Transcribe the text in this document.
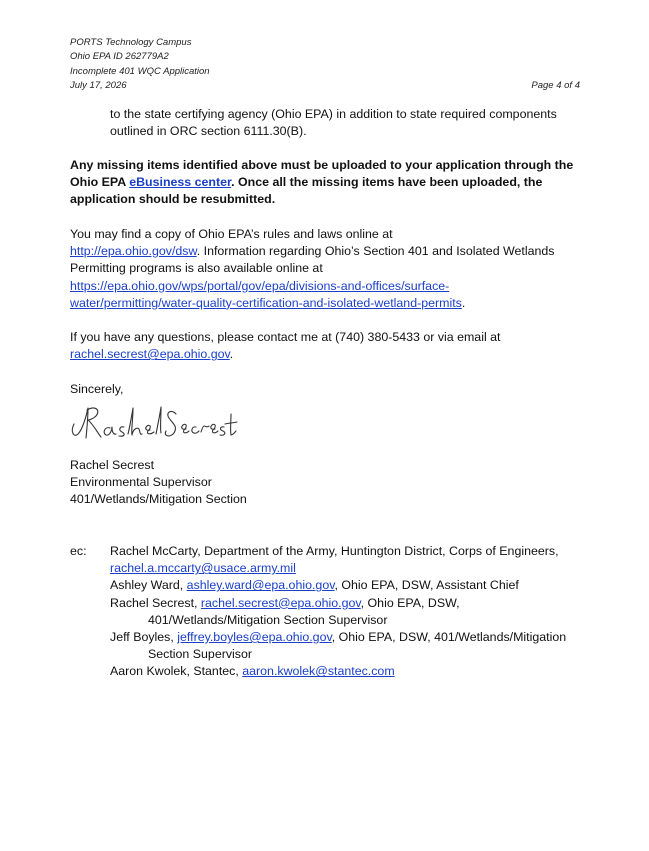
PORTS Technology Campus
Ohio EPA ID 262779A2
Incomplete 401 WQC Application
July 17, 2026	Page 4 of 4
to the state certifying agency (Ohio EPA) in addition to state required components
outlined in ORC section 6111.30(B).
Any missing items identified above must be uploaded to your application through the
Ohio EPA eBusiness center. Once all the missing items have been uploaded, the
application should be resubmitted.
You may find a copy of Ohio EPA’s rules and laws online at
http://epa.ohio.gov/dsw. Information regarding Ohio’s Section 401 and Isolated Wetlands
Permitting programs is also available online at
https://epa.ohio.gov/wps/portal/gov/epa/divisions-and-offices/surface-
water/permitting/water-quality-certification-and-isolated-wetland-permits.
If you have any questions, please contact me at (740) 380-5433 or via email at
rachel.secrest@epa.ohio.gov.
Sincerely,
Rachel Secrest
Environmental Supervisor
401/Wetlands/Mitigation Section
ec: Rachel McCarty, Department of the Army, Huntington District, Corps of Engineers,
rachel.a.mccarty@usace.army.mil
Ashley Ward, ashley.ward@epa.ohio.gov, Ohio EPA, DSW, Assistant Chief
Rachel Secrest, rachel.secrest@epa.ohio.gov, Ohio EPA, DSW,
401/Wetlands/Mitigation Section Supervisor
Jeff Boyles, jeffrey.boyles@epa.ohio.gov, Ohio EPA, DSW, 401/Wetlands/Mitigation
Section Supervisor
Aaron Kwolek, Stantec, aaron.kwolek@stantec.com
